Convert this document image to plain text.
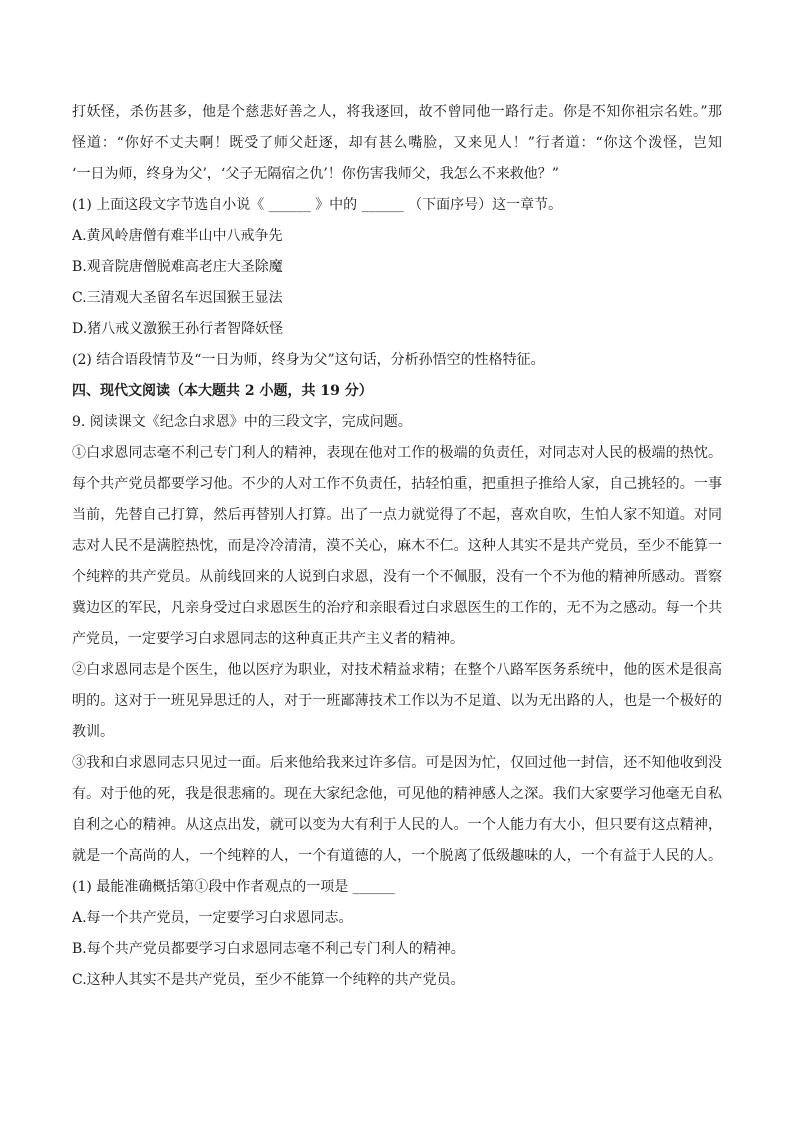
打妖怪，杀伤甚多，他是个慈悲好善之人，将我逐回，故不曾同他一路行走。你是不知你祖宗名姓。”那
怪道：“你好不丈夫啊！既受了师父赶逐，却有甚么嘴脸，又来见人！”行者道：“你这个泼怪，岂知
‘一日为师，终身为父’，‘父子无隔宿之仇’！你伤害我师父，我怎么不来救他？”
(1) 上面这段文字节选自小说《 ______ 》中的 ______ （下面序号）这一章节。
A.黄风岭唐僧有难半山中八戒争先
B.观音院唐僧脱难高老庄大圣除魔
C.三清观大圣留名车迟国猴王显法
D.猪八戒义激猴王孙行者智降妖怪
(2) 结合语段情节及“一日为师，终身为父”这句话，分析孙悟空的性格特征。
四、现代文阅读（本大题共 2 小题，共 19 分）
9. 阅读课文《纪念白求恩》中的三段文字，完成问题。
①白求恩同志毫不利己专门利人的精神，表现在他对工作的极端的负责任，对同志对人民的极端的热忱。
每个共产党员都要学习他。不少的人对工作不负责任，拈轻怕重，把重担子推给人家，自己挑轻的。一事
当前，先替自己打算，然后再替别人打算。出了一点力就觉得了不起，喜欢自吹，生怕人家不知道。对同
志对人民不是满腔热忱，而是冷冷清清，漠不关心，麻木不仁。这种人其实不是共产党员，至少不能算一
个纯粹的共产党员。从前线回来的人说到白求恩，没有一个不佩服，没有一个不为他的精神所感动。晋察
冀边区的军民，凡亲身受过白求恩医生的治疗和亲眼看过白求恩医生的工作的，无不为之感动。每一个共
产党员，一定要学习白求恩同志的这种真正共产主义者的精神。
②白求恩同志是个医生，他以医疗为职业，对技术精益求精；在整个八路军医务系统中，他的医术是很高
明的。这对于一班见异思迁的人，对于一班鄙薄技术工作以为不足道、以为无出路的人，也是一个极好的
教训。
③我和白求恩同志只见过一面。后来他给我来过许多信。可是因为忙，仅回过他一封信，还不知他收到没
有。对于他的死，我是很悲痛的。现在大家纪念他，可见他的精神感人之深。我们大家要学习他毫无自私
自利之心的精神。从这点出发，就可以变为大有利于人民的人。一个人能力有大小，但只要有这点精神，
就是一个高尚的人，一个纯粹的人，一个有道德的人，一个脱离了低级趣味的人，一个有益于人民的人。
(1) 最能准确概括第①段中作者观点的一项是 ______
A.每一个共产党员，一定要学习白求恩同志。
B.每个共产党员都要学习白求恩同志毫不利己专门利人的精神。
C.这种人其实不是共产党员，至少不能算一个纯粹的共产党员。
